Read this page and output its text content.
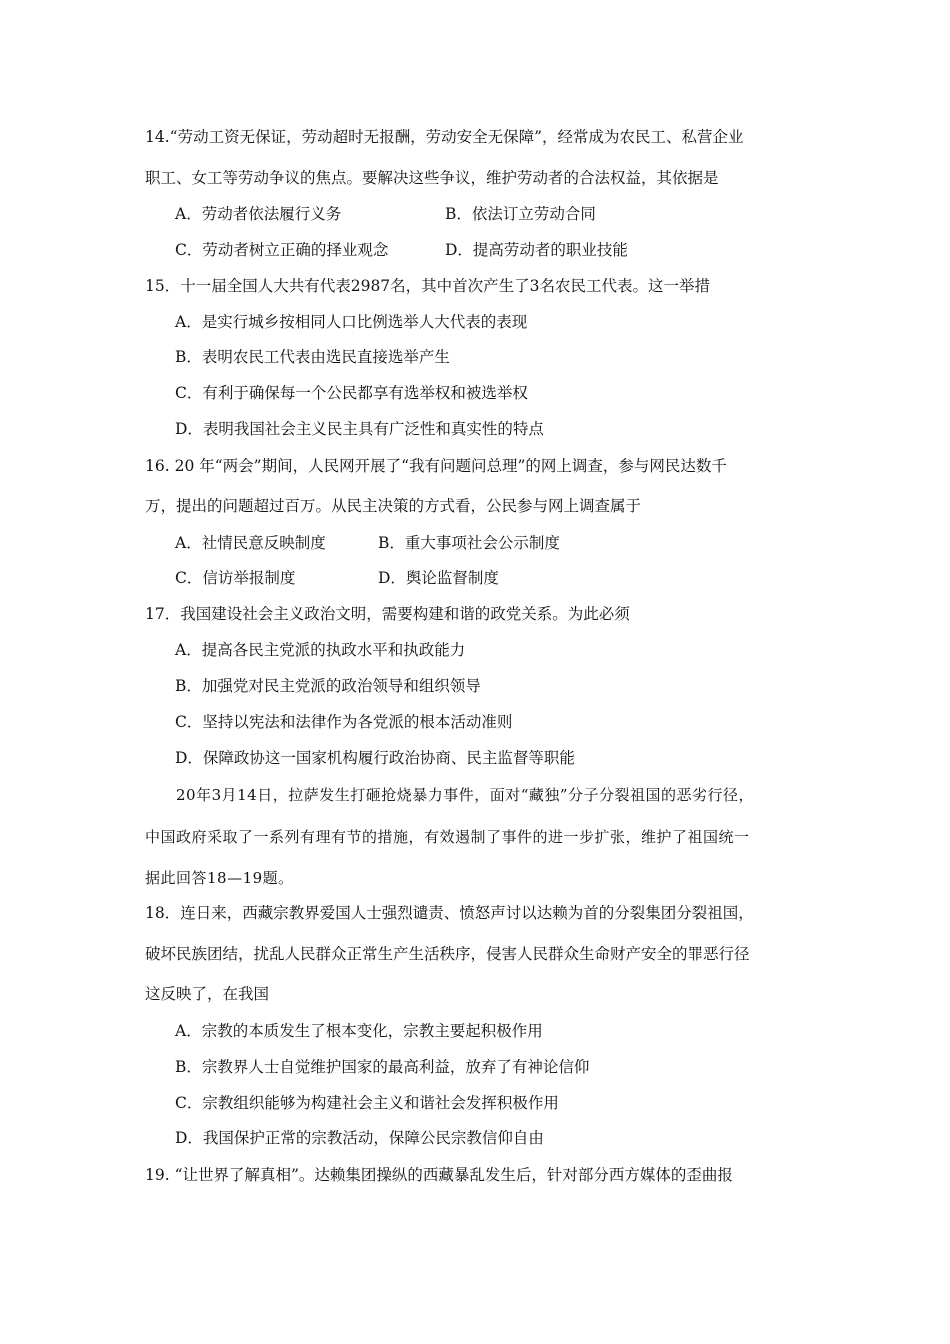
14.“劳动工资无保证，劳动超时无报酬，劳动安全无保障”，经常成为农民工、私营企业
职工、女工等劳动争议的焦点。要解决这些争议，维护劳动者的合法权益，其依据是
A．劳动者依法履行义务	B．依法订立劳动合同
C．劳动者树立正确的择业观念	D．提高劳动者的职业技能
15．十一届全国人大共有代表2987名，其中首次产生了3名农民工代表。这一举措
A．是实行城乡按相同人口比例选举人大代表的表现
B．表明农民工代表由选民直接选举产生
C．有利于确保每一个公民都享有选举权和被选举权
D．表明我国社会主义民主具有广泛性和真实性的特点
16. 20 年“两会”期间，人民网开展了“我有问题问总理”的网上调查，参与网民达数千
万，提出的问题超过百万。从民主决策的方式看，公民参与网上调查属于
A．社情民意反映制度	B．重大事项社会公示制度
C．信访举报制度	D．舆论监督制度
17．我国建设社会主义政治文明，需要构建和谐的政党关系。为此必须
A．提高各民主党派的执政水平和执政能力
B．加强党对民主党派的政治领导和组织领导
C．坚持以宪法和法律作为各党派的根本活动准则
D．保障政协这一国家机构履行政治协商、民主监督等职能
20年3月14日，拉萨发生打砸抢烧暴力事件，面对“藏独”分子分裂祖国的恶劣行径，
中国政府采取了一系列有理有节的措施，有效遏制了事件的进一步扩张，维护了祖国统一
据此回答18—19题。
18．连日来，西藏宗教界爱国人士强烈谴责、愤怒声讨以达赖为首的分裂集团分裂祖国，
破坏民族团结，扰乱人民群众正常生产生活秩序，侵害人民群众生命财产安全的罪恶行径
这反映了，在我国
A．宗教的本质发生了根本变化，宗教主要起积极作用
B．宗教界人士自觉维护国家的最高利益，放弃了有神论信仰
C．宗教组织能够为构建社会主义和谐社会发挥积极作用
D．我国保护正常的宗教活动，保障公民宗教信仰自由
19. “让世界了解真相”。达赖集团操纵的西藏暴乱发生后，针对部分西方媒体的歪曲报
